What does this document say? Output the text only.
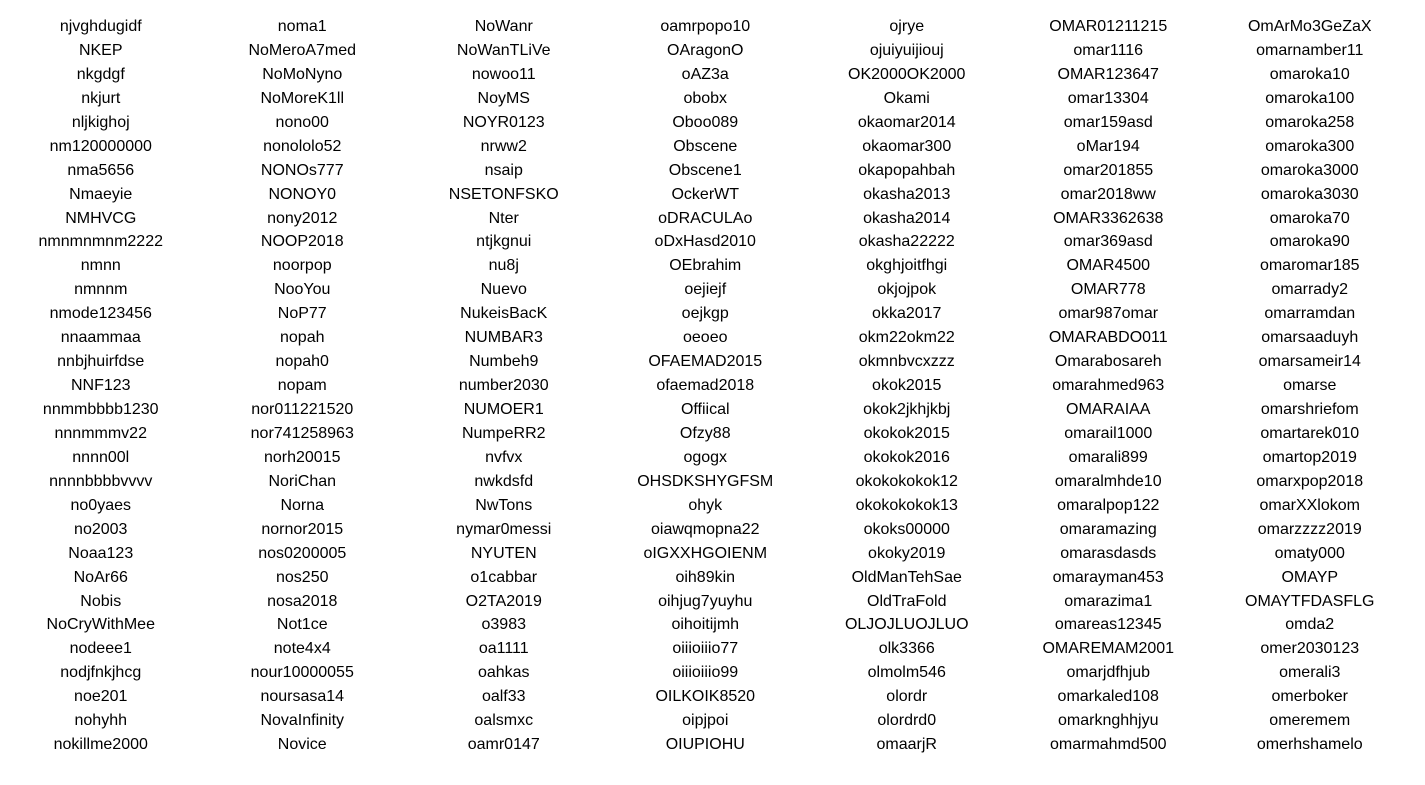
njvghdugidf
NKEP
nkgdgf
nkjurt
nljkighoj
nm120000000
nma5656
Nmaeyie
NMHVCG
nmnmnmnm2222
nmnn
nmnnm
nmode123456
nnaammaa
nnbjhuirfdse
NNF123
nnmmbbbb1230
nnnmmmv22
nnnn00l
nnnnbbbbvvvv
no0yaes
no2003
Noaa123
NoAr66
Nobis
NoCryWithMee
nodeee1
nodjfnkjhcg
noe201
nohyhh
nokillme2000
noma1
NoMeroA7med
NoMoNyno
NoMoreK1ll
nono00
nonololo52
NONOs777
NONOY0
nony2012
NOOP2018
noorpop
NooYou
NoP77
nopah
nopah0
nopam
nor011221520
nor741258963
norh20015
NoriChan
Norna
nornor2015
nos0200005
nos250
nosa2018
Not1ce
note4x4
nour10000055
noursasa14
NovaInfinity
Novice
NoWanr
NoWanTLiVe
nowoo11
NoyMS
NOYR0123
nrww2
nsaip
NSETONFSKO
Nter
ntjkgnui
nu8j
Nuevo
NukeisBacK
NUMBAR3
Numbeh9
number2030
NUMOER1
NumpeRR2
nvfvx
nwkdsfd
NwTons
nymar0messi
NYUTEN
o1cabbar
O2TA2019
o3983
oa1111
oahkas
oalf33
oalsmxc
oamr0147
oamrpopo10
OAragonO
oAZ3a
obobx
Oboo089
Obscene
Obscene1
OckerWT
oDRACULAo
oDxHasd2010
OEbrahim
oejiejf
oejkgp
oeoeo
OFAEMAD2015
ofaemad2018
Offiical
Ofzy88
ogogx
OHSDKSHYGFSM
ohyk
oiawqmopna22
oIGXXHGOIENM
oih89kin
oihjug7yuyhu
oihoitijmh
oiiioiiio77
oiiioiiio99
OILKOIK8520
oipjpoi
OIUPIOHU
ojrye
ojuiyuijiouj
OK2000OK2000
Okami
okaomar2014
okaomar300
okapopahbah
okasha2013
okasha2014
okasha22222
okghjoitfhgi
okjojpok
okka2017
okm22okm22
okmnbvcxzzz
okok2015
okok2jkhjkbj
okokok2015
okokok2016
okokokokok12
okokokokok13
okoks00000
okoky2019
OldManTehSae
OldTraFold
OLJOJLUOJLUO
olk3366
olmolm546
olordr
olordrd0
omaarjR
OMAR01211215
omar1116
OMAR123647
omar13304
omar159asd
oMar194
omar201855
omar2018ww
OMAR3362638
omar369asd
OMAR4500
OMAR778
omar987omar
OMARABDO011
Omarabosareh
omarahmed963
OMARAIAA
omarail1000
omarali899
omaralmhde10
omaralpop122
omaramazing
omarasdasds
omarayman453
omarazima1
omareas12345
OMAREMAM2001
omarjdfhjub
omarkaled108
omarknghhjyu
omarmahmd500
OmArMo3GeZaX
omarnamber11
omaroka10
omaroka100
omaroka258
omaroka300
omaroka3000
omaroka3030
omaroka70
omaroka90
omaromar185
omarrady2
omarramdan
omarsaaduyh
omarsameir14
omarse
omarshriefom
omartarek010
omartop2019
omarxpop2018
omarXXlokom
omarzzzz2019
omaty000
OMAYP
OMAYTFDASFLG
omda2
omer2030123
omerali3
omerboker
omeremem
omerhshamelo
